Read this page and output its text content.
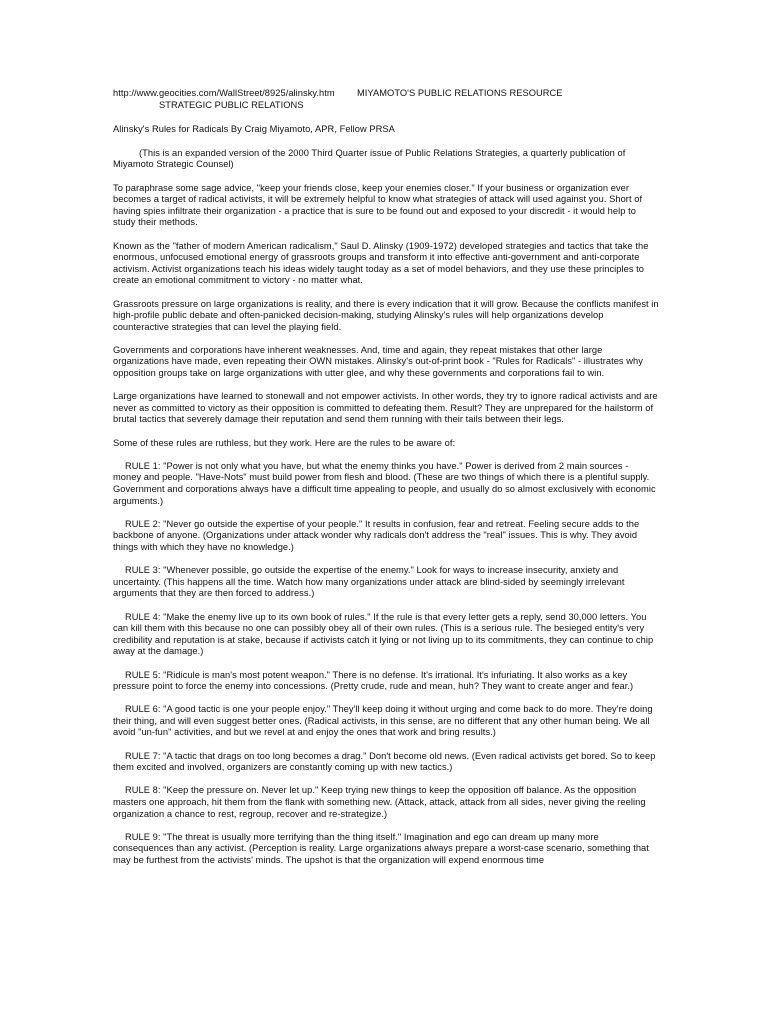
http://www.geocities.com/WallStreet/8925/alinsky.htm	MIYAMOTO'S PUBLIC RELATIONS RESOURCE
STRATEGIC PUBLIC RELATIONS
Alinsky's Rules for Radicals By Craig Miyamoto, APR, Fellow PRSA

(This is an expanded version of the 2000 Third Quarter issue of Public Relations Strategies, a quarterly publication of Miyamoto Strategic Counsel)

To paraphrase some sage advice, "keep your friends close, keep your enemies closer." If your business or organization ever becomes a target of radical activists, it will be extremely helpful to know what strategies of attack will used against you. Short of having spies infiltrate their organization - a practice that is sure to be found out and exposed to your discredit - it would help to study their methods.

Known as the "father of modern American radicalism," Saul D. Alinsky (1909-1972) developed strategies and tactics that take the enormous, unfocused emotional energy of grassroots groups and transform it into effective anti-government and anti-corporate activism. Activist organizations teach his ideas widely taught today as a set of model behaviors, and they use these principles to create an emotional commitment to victory - no matter what.

Grassroots pressure on large organizations is reality, and there is every indication that it will grow. Because the conflicts manifest in high-profile public debate and often-panicked decision-making, studying Alinsky's rules will help organizations develop counteractive strategies that can level the playing field.

Governments and corporations have inherent weaknesses. And, time and again, they repeat mistakes that other large organizations have made, even repeating their OWN mistakes. Alinsky's out-of-print book - "Rules for Radicals" - illustrates why opposition groups take on large organizations with utter glee, and why these governments and corporations fail to win.

Large organizations have learned to stonewall and not empower activists. In other words, they try to ignore radical activists and are never as committed to victory as their opposition is committed to defeating them. Result? They are unprepared for the hailstorm of brutal tactics that severely damage their reputation and send them running with their tails between their legs.

Some of these rules are ruthless, but they work. Here are the rules to be aware of:

RULE 1: "Power is not only what you have, but what the enemy thinks you have." Power is derived from 2 main sources - money and people. "Have-Nots" must build power from flesh and blood. (These are two things of which there is a plentiful supply. Government and corporations always have a difficult time appealing to people, and usually do so almost exclusively with economic arguments.)

RULE 2: "Never go outside the expertise of your people." It results in confusion, fear and retreat. Feeling secure adds to the backbone of anyone. (Organizations under attack wonder why radicals don't address the "real" issues. This is why. They avoid things with which they have no knowledge.)

RULE 3: "Whenever possible, go outside the expertise of the enemy." Look for ways to increase insecurity, anxiety and uncertainty. (This happens all the time. Watch how many organizations under attack are blind-sided by seemingly irrelevant arguments that they are then forced to address.)

RULE 4: "Make the enemy live up to its own book of rules." If the rule is that every letter gets a reply, send 30,000 letters. You can kill them with this because no one can possibly obey all of their own rules. (This is a serious rule. The besieged entity's very credibility and reputation is at stake, because if activists catch it lying or not living up to its commitments, they can continue to chip away at the damage.)

RULE 5: "Ridicule is man's most potent weapon." There is no defense. It's irrational. It's infuriating. It also works as a key pressure point to force the enemy into concessions. (Pretty crude, rude and mean, huh? They want to create anger and fear.)

RULE 6: "A good tactic is one your people enjoy." They'll keep doing it without urging and come back to do more. They're doing their thing, and will even suggest better ones. (Radical activists, in this sense, are no different that any other human being. We all avoid "un-fun" activities, and but we revel at and enjoy the ones that work and bring results.)

RULE 7: "A tactic that drags on too long becomes a drag." Don't become old news. (Even radical activists get bored. So to keep them excited and involved, organizers are constantly coming up with new tactics.)

RULE 8: "Keep the pressure on. Never let up." Keep trying new things to keep the opposition off balance. As the opposition masters one approach, hit them from the flank with something new. (Attack, attack, attack from all sides, never giving the reeling organization a chance to rest, regroup, recover and re-strategize.)

RULE 9: "The threat is usually more terrifying than the thing itself." Imagination and ego can dream up many more consequences than any activist. (Perception is reality. Large organizations always prepare a worst-case scenario, something that may be furthest from the activists' minds. The upshot is that the organization will expend enormous time
